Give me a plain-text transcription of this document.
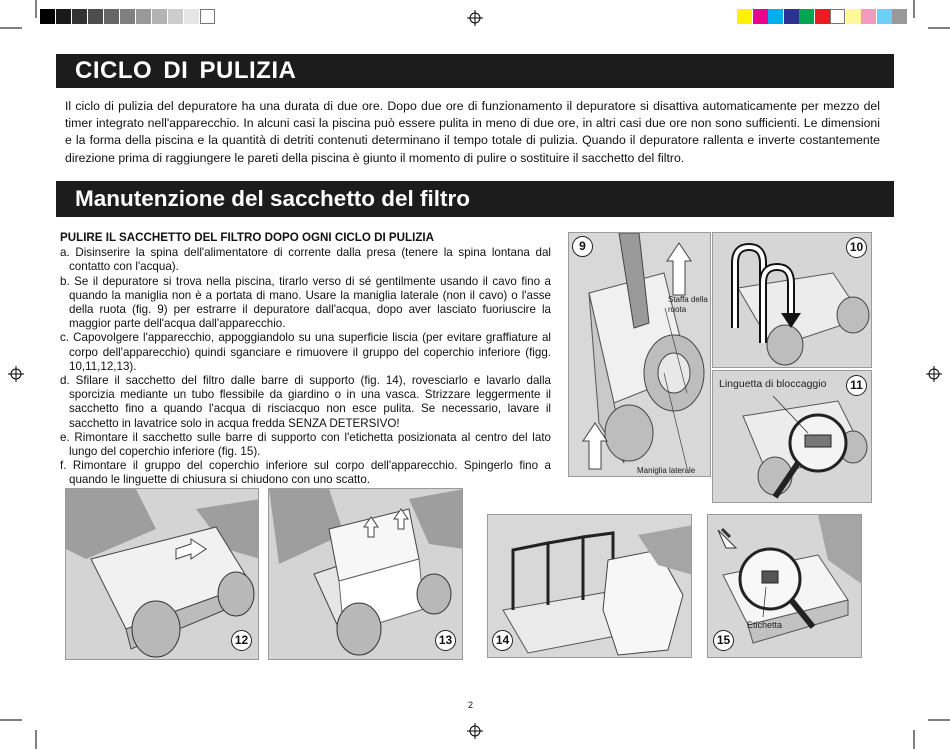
CICLO DI PULIZIA
Il ciclo di pulizia del depuratore ha una durata di due ore. Dopo due ore di funzionamento il depuratore si disattiva automaticamente per mezzo del timer integrato nell'apparecchio. In alcuni casi la piscina può essere pulita in meno di due ore, in altri casi due ore non sono sufficienti. Le dimensioni e la forma della piscina e la quantità di detriti contenuti determinano il tempo totale di pulizia. Quando il depuratore rallenta e inverte costantemente direzione prima di raggiungere le pareti della piscina è giunto il momento di pulire o sostituire il sacchetto del filtro.
Manutenzione del sacchetto del filtro

PULIRE IL SACCHETTO DEL FILTRO DOPO OGNI CICLO DI PULIZIA

a. Disinserire la spina dell'alimentatore di corrente dalla presa (tenere la spina lontana dal contatto con l'acqua).

b. Se il depuratore si trova nella piscina, tirarlo verso di sé gentilmente usando il cavo fino a quando la maniglia non è a portata di mano. Usare la maniglia laterale (non il cavo) o l'asse della ruota (fig. 9) per estrarre il depuratore dall'acqua, dopo aver lasciato fuoriuscire la maggior parte dell'acqua dall'apparecchio.

c. Capovolgere l'apparecchio, appoggiandolo su una superficie liscia (per evitare graffiature al corpo dell'apparecchio) quindi sganciare e rimuovere il gruppo del coperchio inferiore (figg. 10,11,12,13).

d. Sfilare il sacchetto del filtro dalle barre di supporto (fig. 14), rovesciarlo e lavarlo dalla sporcizia mediante un tubo flessibile da giardino o in una vasca. Strizzare leggermente il sacchetto fino a quando l'acqua di risciacquo non esce pulita. Se necessario, lavare il sacchetto in lavatrice solo in acqua fredda SENZA DETERSIVO!

e. Rimontare il sacchetto sulle barre di supporto con l'etichetta posizionata al centro del lato lungo del coperchio inferiore (fig. 15).

f. Rimontare il gruppo del coperchio inferiore sul corpo dell'apparecchio. Spingerlo fino a quando le linguette di chiusura si chiudono con uno scatto.

9
Staffa della ruota
Maniglia laterale
10
Linguetta di bloccaggio	11
12	13	14
Etichetta
15
2
